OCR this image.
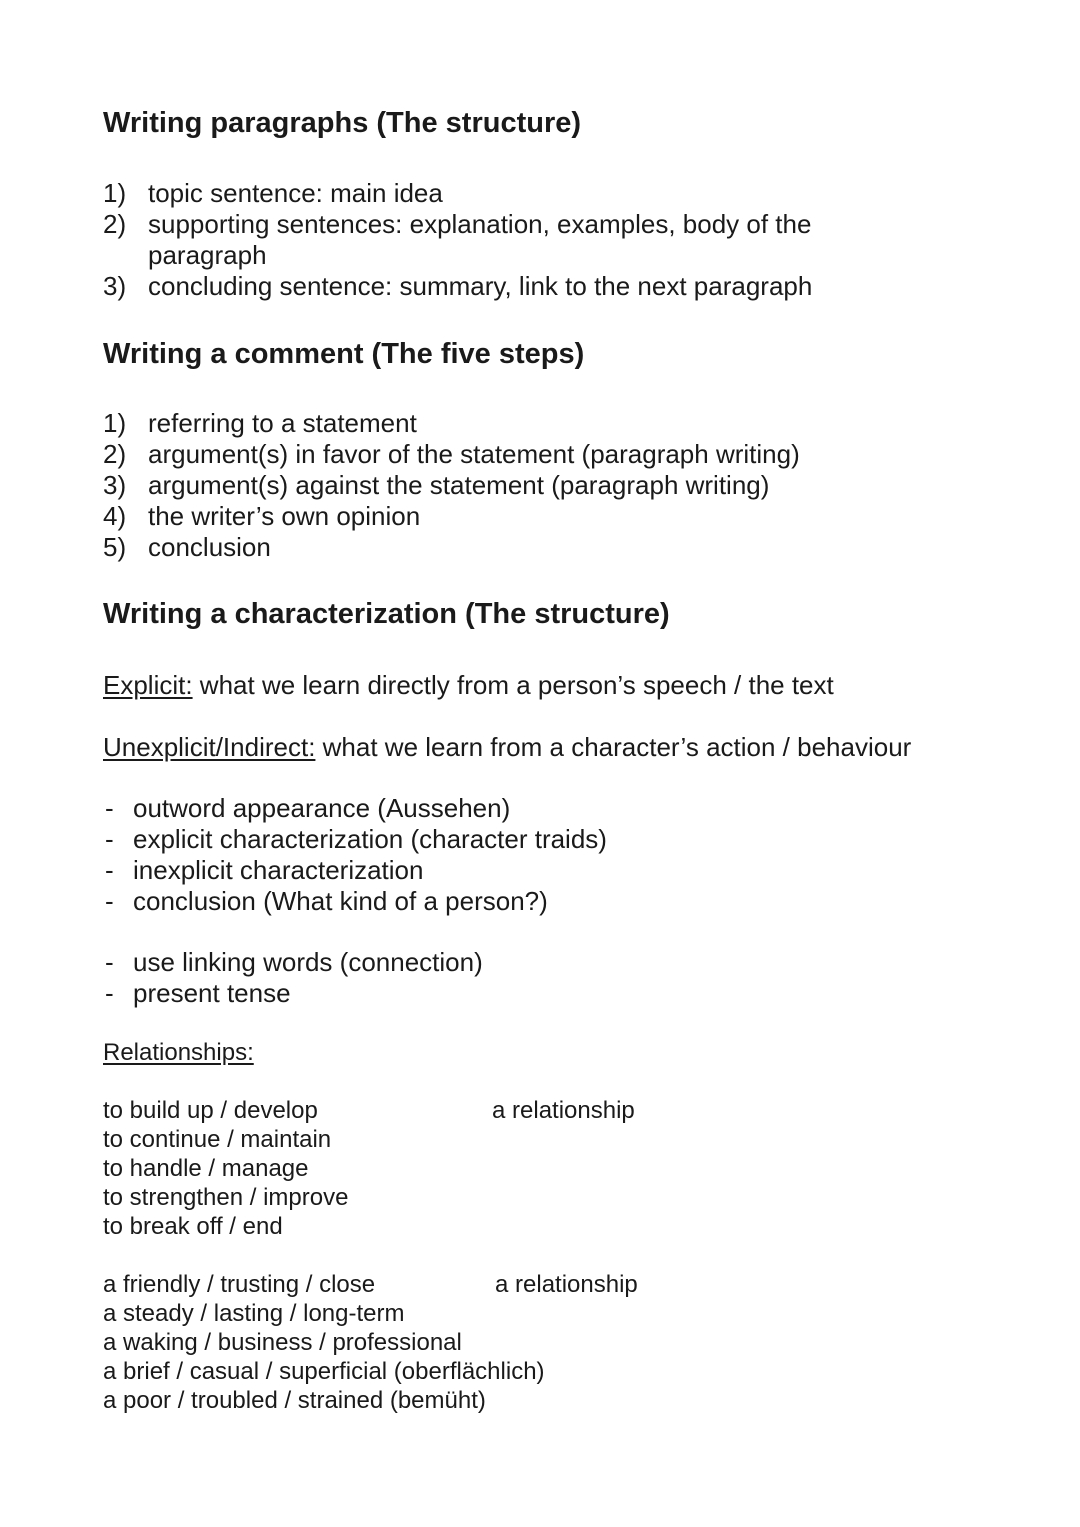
Writing paragraphs (The structure)
1) topic sentence: main idea
2) supporting sentences: explanation, examples, body of the paragraph
3) concluding sentence: summary, link to the next paragraph
Writing a comment (The five steps)
1) referring to a statement
2) argument(s) in favor of the statement (paragraph writing)
3) argument(s) against the statement (paragraph writing)
4) the writer’s own opinion
5) conclusion
Writing a characterization (The structure)

Explicit: what we learn directly from a person’s speech / the text

Unexplicit/Indirect: what we learn from a character’s action / behaviour

- outword appearance (Aussehen)
- explicit characterization (character traids)
- inexplicit characterization
- conclusion (What kind of a person?)
- use linking words (connection)
- present tense

Relationships:

to build up / develop
to continue / maintain
to handle / manage
to strengthen / improve
to break off / end

a relationship

a friendly / trusting / close
a steady / lasting / long-term
a waking / business / professional
a brief / casual / superficial (oberflächlich)
a poor / troubled / strained (bemüht)

a relationship
